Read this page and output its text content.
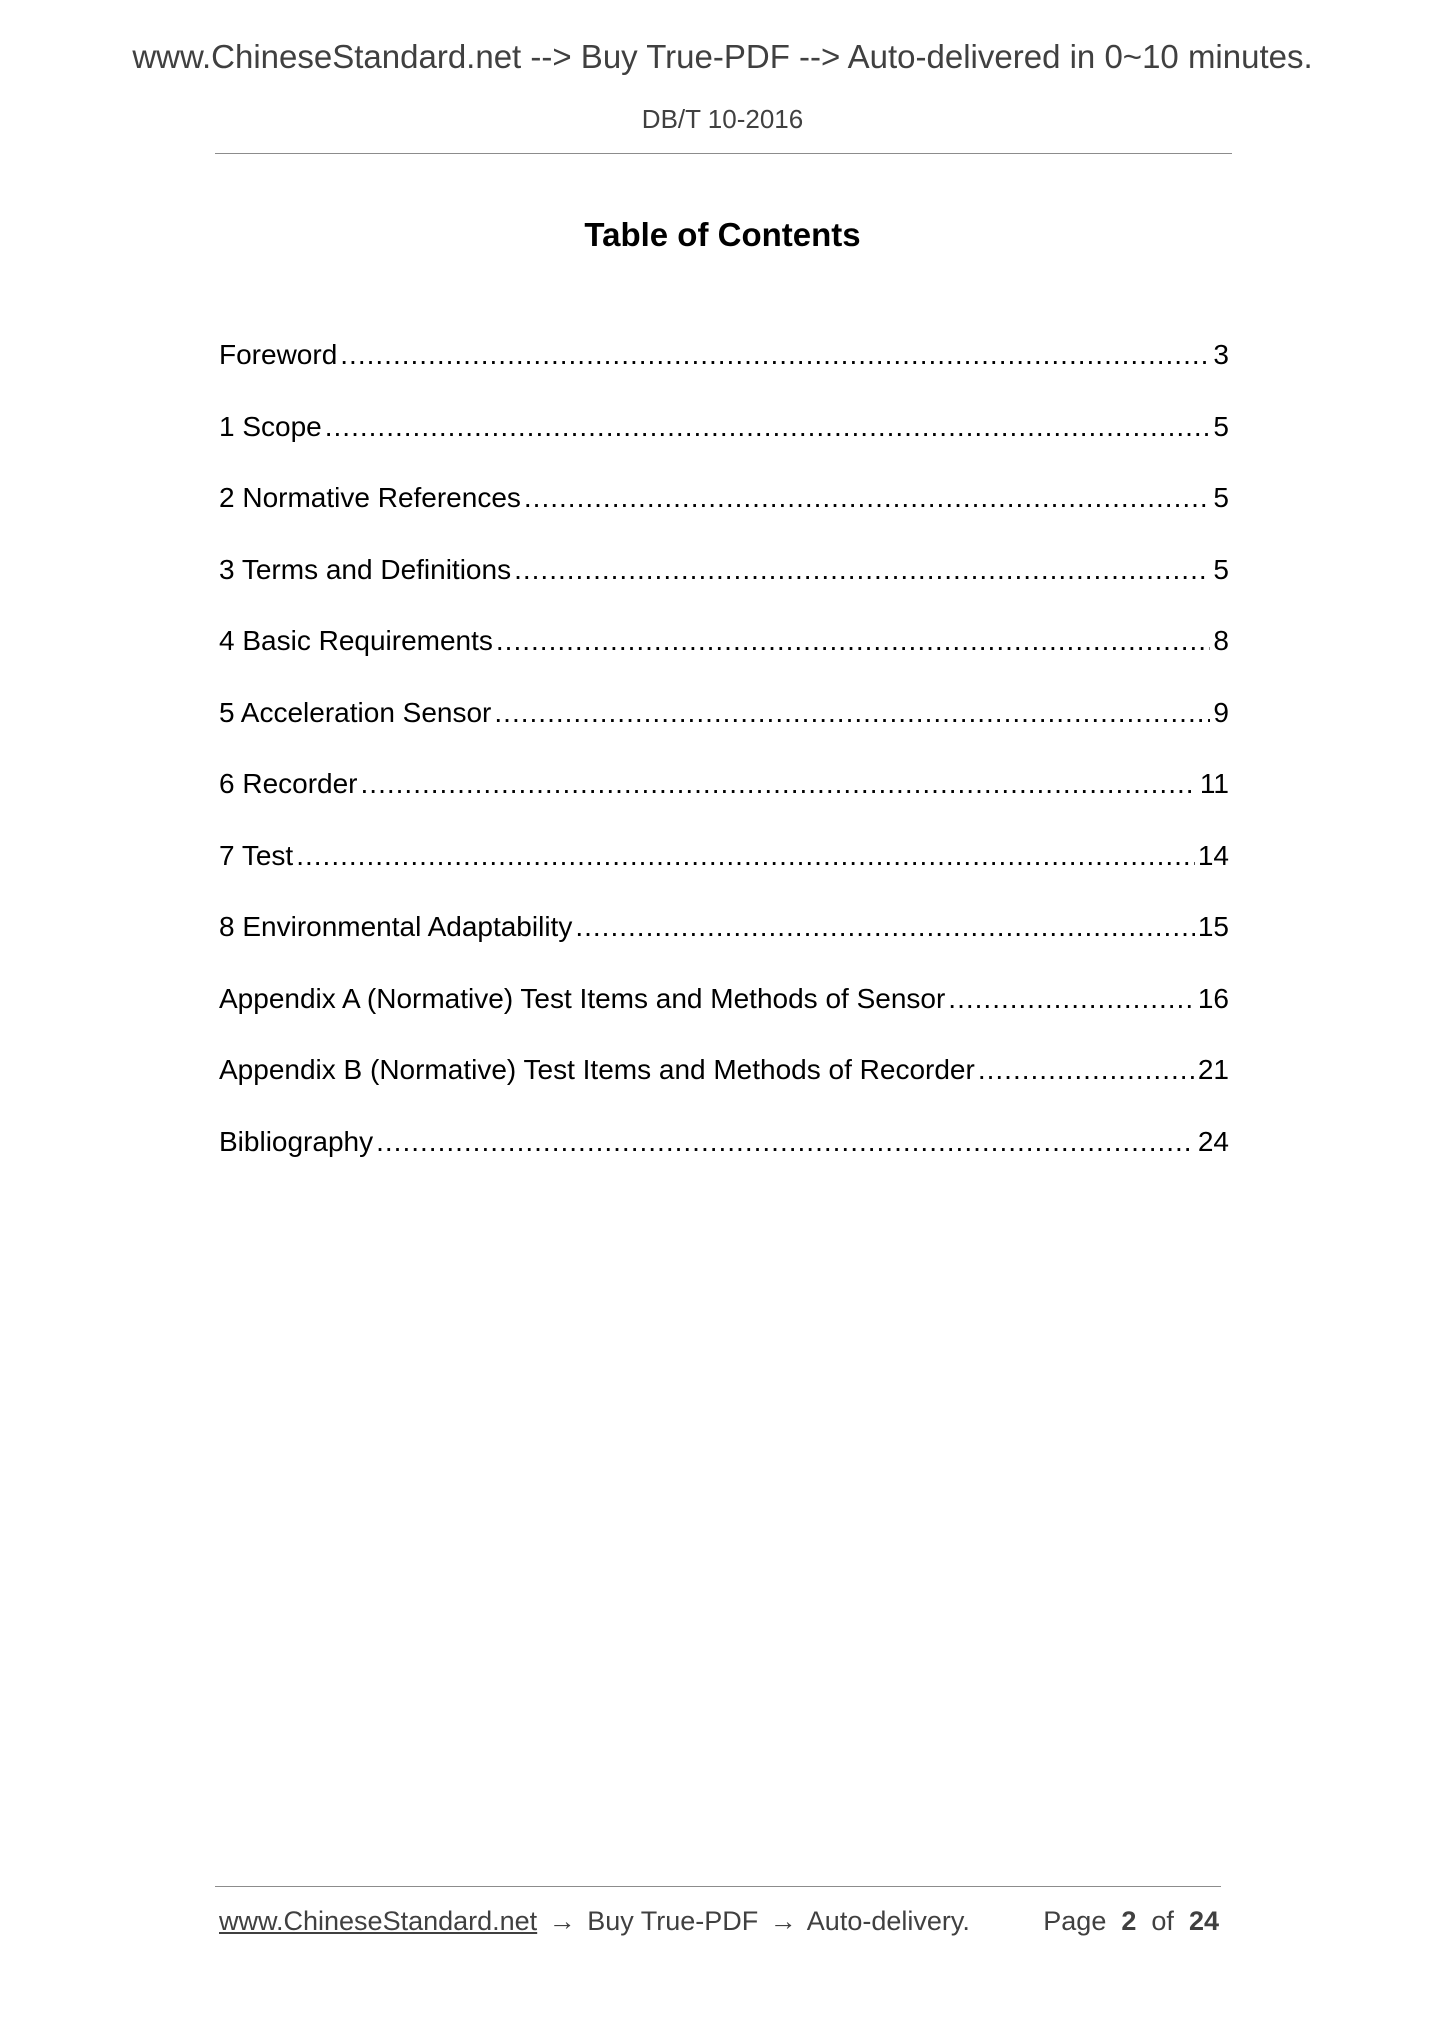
www.ChineseStandard.net --> Buy True-PDF --> Auto-delivered in 0~10 minutes.
DB/T 10-2016
Table of Contents
Foreword .....	3
1 Scope .....	5
2 Normative References .....	5
3 Terms and Definitions .....	5
4 Basic Requirements .....	8
5 Acceleration Sensor .....	9
6 Recorder .....	11
7 Test .....	14
8 Environmental Adaptability .....	15
Appendix A (Normative) Test Items and Methods of Sensor .....	16
Appendix B (Normative) Test Items and Methods of Recorder .....	21
Bibliography .....	24
www.ChineseStandard.net → Buy True-PDF → Auto-delivery.	Page 2 of 24
